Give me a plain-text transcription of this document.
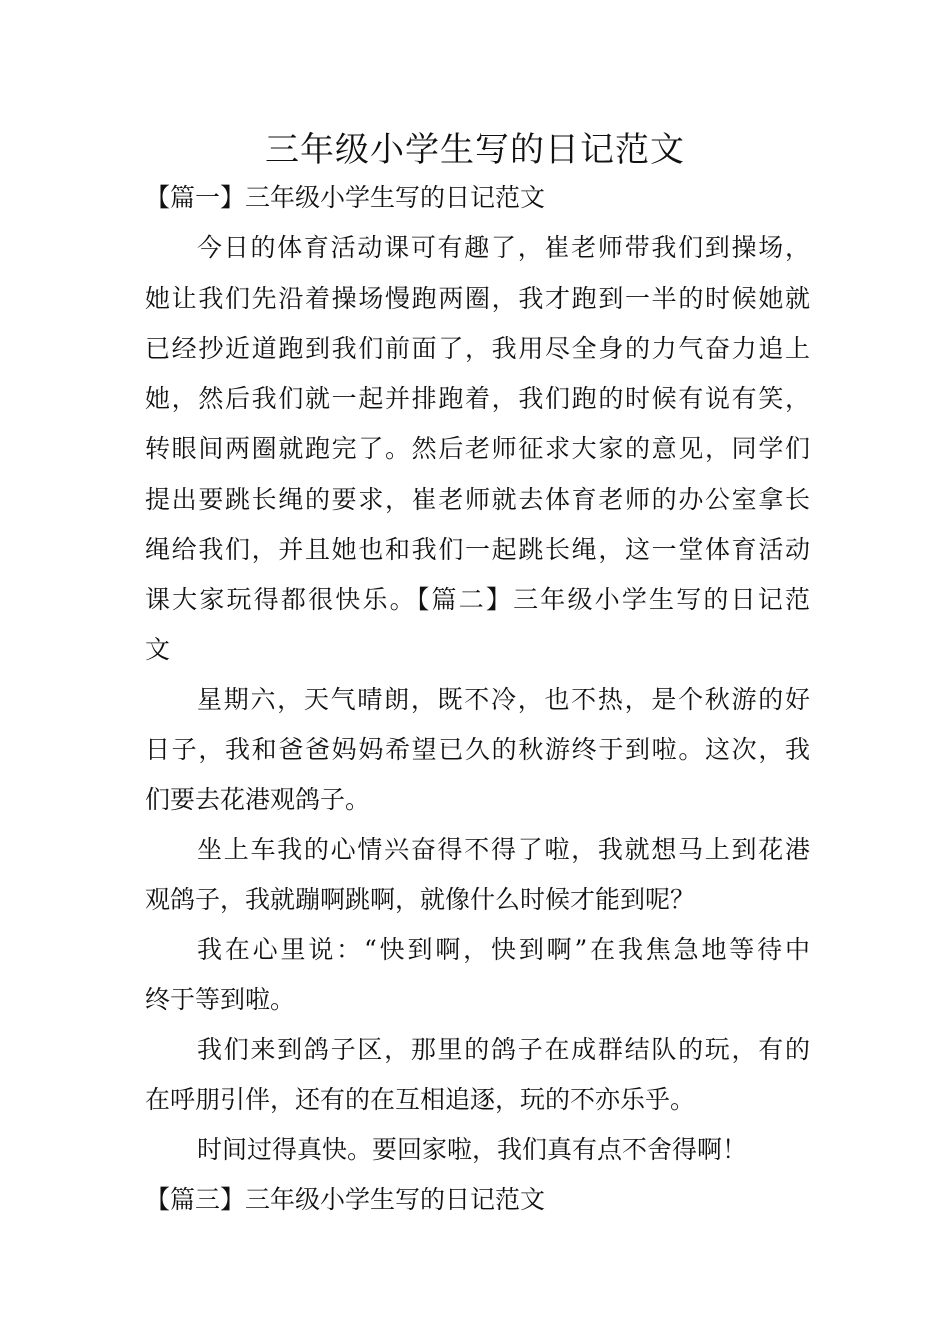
三年级小学生写的日记范文

【篇一】三年级小学生写的日记范文

今日的体育活动课可有趣了，崔老师带我们到操场，

她让我们先沿着操场慢跑两圈，我才跑到一半的时候她就

已经抄近道跑到我们前面了，我用尽全身的力气奋力追上

她，然后我们就一起并排跑着，我们跑的时候有说有笑，

转眼间两圈就跑完了。然后老师征求大家的意见，同学们

提出要跳长绳的要求，崔老师就去体育老师的办公室拿长

绳给我们，并且她也和我们一起跳长绳，这一堂体育活动

课大家玩得都很快乐。【篇二】三年级小学生写的日记范

文

星期六，天气晴朗，既不冷，也不热，是个秋游的好

日子，我和爸爸妈妈希望已久的秋游终于到啦。这次，我

们要去花港观鸽子。

坐上车我的心情兴奋得不得了啦，我就想马上到花港

观鸽子，我就蹦啊跳啊，就像什么时候才能到呢？

我在心里说：“快到啊，快到啊”在我焦急地等待中

终于等到啦。

我们来到鸽子区，那里的鸽子在成群结队的玩，有的

在呼朋引伴，还有的在互相追逐，玩的不亦乐乎。

时间过得真快。要回家啦，我们真有点不舍得啊！

【篇三】三年级小学生写的日记范文
